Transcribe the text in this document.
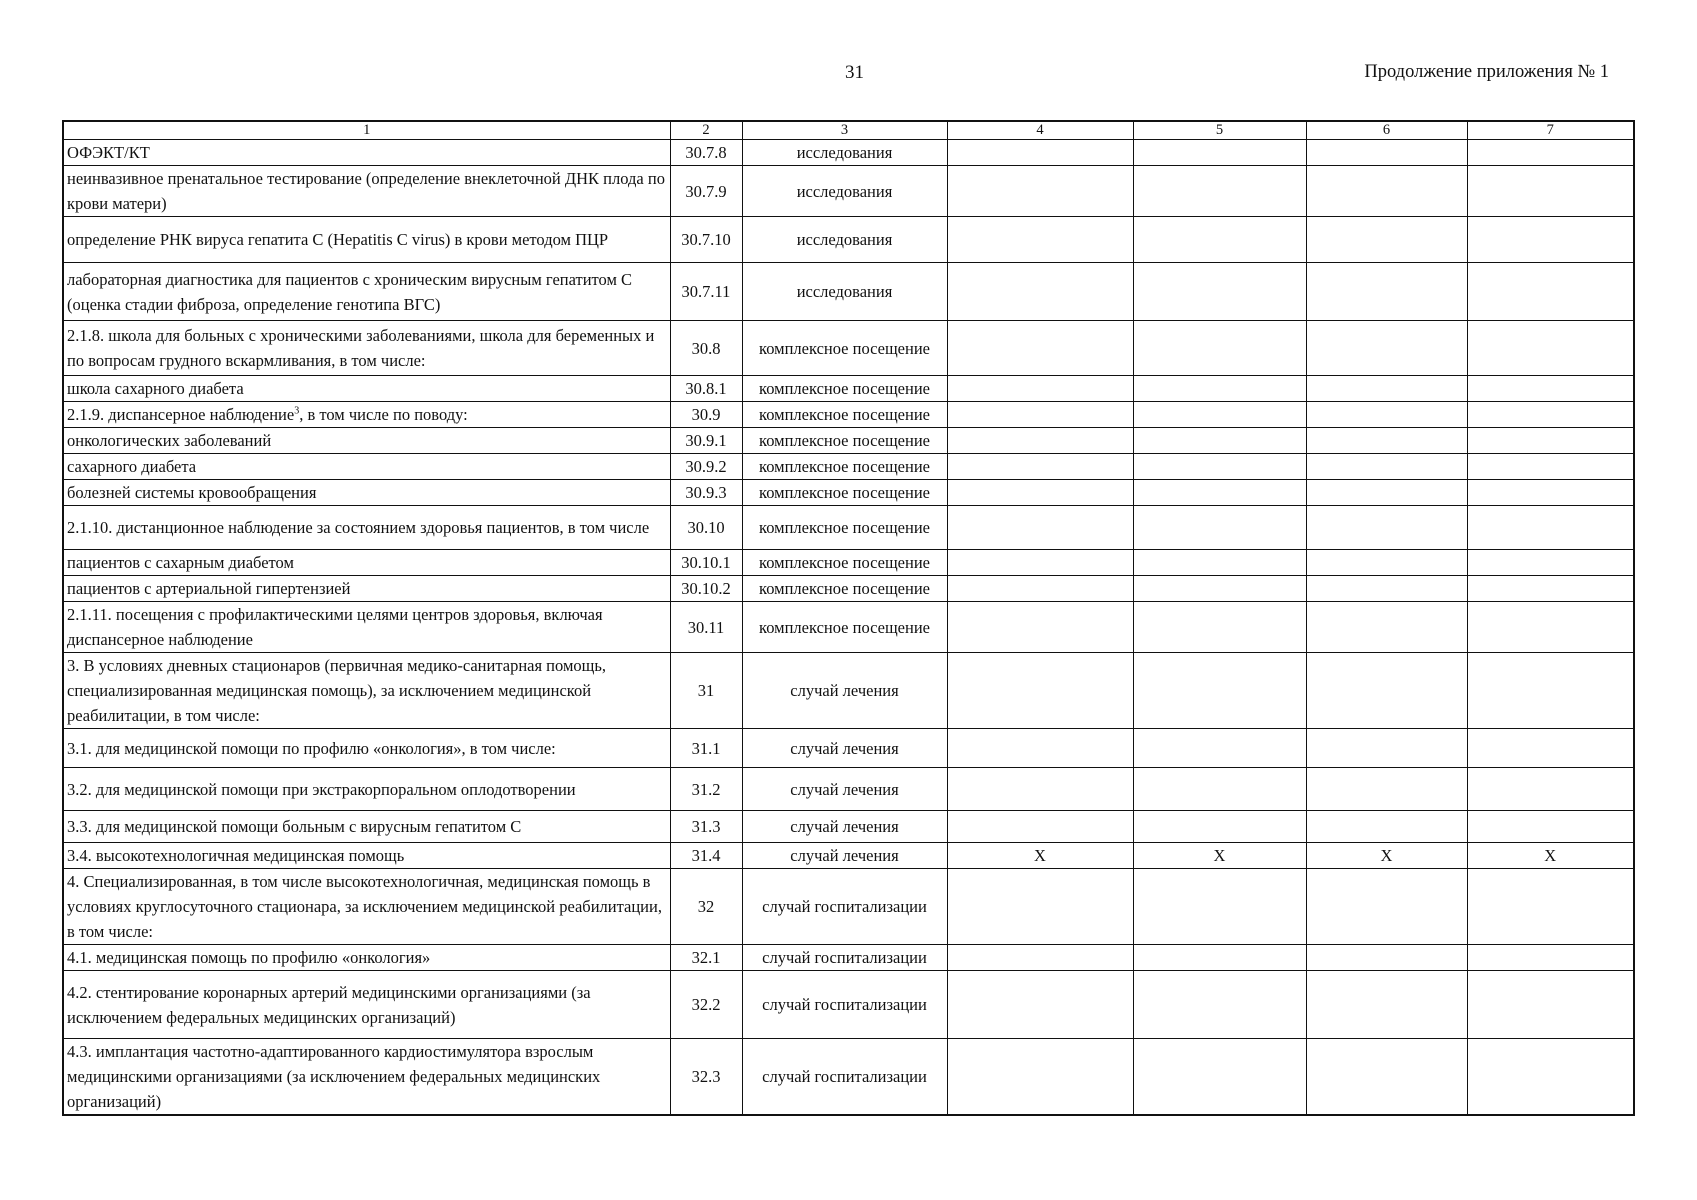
31	Продолжение приложения № 1
1	2	3	4	5	6	7
ОФЭКТ/КТ	30.7.8	исследования				
неинвазивное пренатальное тестирование (определение внеклеточной ДНК плода по крови матери)	30.7.9	исследования				
определение РНК вируса гепатита С (Hepatitis C virus) в крови методом ПЦР	30.7.10	исследования				
лабораторная диагностика для пациентов с хроническим вирусным гепатитом С (оценка стадии фиброза, определение генотипа ВГС)	30.7.11	исследования				
2.1.8. школа для больных с хроническими заболеваниями, школа для беременных и по вопросам грудного вскармливания, в том числе:	30.8	комплексное посещение				
школа сахарного диабета	30.8.1	комплексное посещение				
2.1.9. диспансерное наблюдение$^3$, в том числе по поводу:	30.9	комплексное посещение				
онкологических заболеваний	30.9.1	комплексное посещение				
сахарного диабета	30.9.2	комплексное посещение				
болезней системы кровообращения	30.9.3	комплексное посещение				
2.1.10. дистанционное наблюдение за состоянием здоровья пациентов, в том числе	30.10	комплексное посещение				
пациентов с сахарным диабетом	30.10.1	комплексное посещение				
пациентов с артериальной гипертензией	30.10.2	комплексное посещение				
2.1.11. посещения с профилактическими целями центров здоровья, включая диспансерное наблюдение	30.11	комплексное посещение				
3. В условиях дневных стационаров (первичная медико-санитарная помощь, специализированная медицинская помощь), за исключением медицинской реабилитации, в том числе:	31	случай лечения				
3.1. для медицинской помощи по профилю «онкология», в том числе:	31.1	случай лечения				
3.2. для медицинской помощи при экстракорпоральном оплодотворении	31.2	случай лечения				
3.3. для медицинской помощи больным с вирусным гепатитом С	31.3	случай лечения				
3.4. высокотехнологичная медицинская помощь	31.4	случай лечения	X	X	X	X
4. Специализированная, в том числе высокотехнологичная, медицинская помощь в условиях круглосуточного стационара, за исключением медицинской реабилитации, в том числе:	32	случай госпитализации				
4.1. медицинская помощь по профилю «онкология»	32.1	случай госпитализации				
4.2. стентирование коронарных артерий медицинскими организациями (за исключением федеральных медицинских организаций)	32.2	случай госпитализации				
4.3. имплантация частотно-адаптированного кардиостимулятора взрослым медицинскими организациями (за исключением федеральных медицинских организаций)	32.3	случай госпитализации				
